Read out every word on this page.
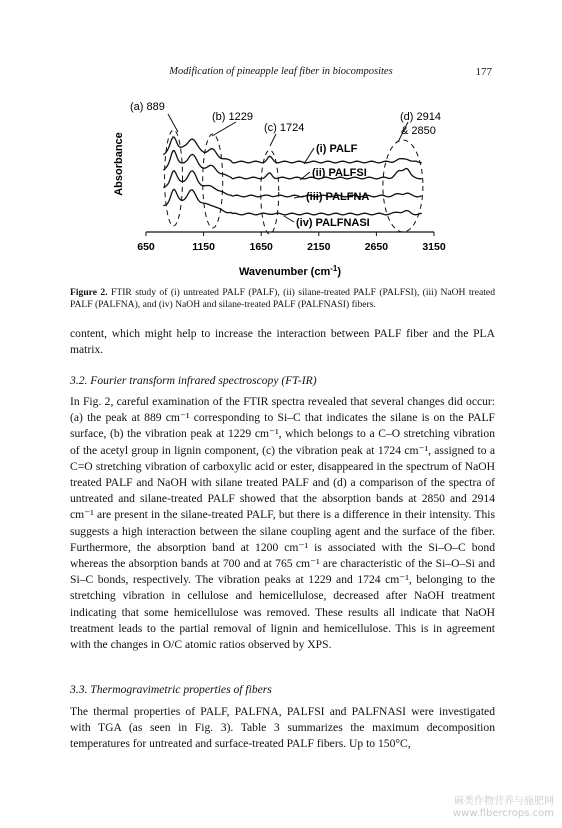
Modification of pineapple leaf fiber in biocomposites	177
650	1150	1650	2150	2650	3150
Absorbance
Wavenumber $(cm^{-1})$
(i) PALF
(ii) PALFSI
(iii) PALFNA
(iv) PALFNASI
(a) 889
(b) 1229
(c) 1724
(d) 2914
& 2850
Figure 2. FTIR study of (i) untreated PALF (PALF), (ii) silane-treated PALF (PALFSI), (iii) NaOH treated PALF (PALFNA), and (iv) NaOH and silane-treated PALF (PALFNASI) fibers.
content, which might help to increase the interaction between PALF fiber and the PLA matrix.
3.2. Fourier transform infrared spectroscopy (FT-IR)
In Fig. 2, careful examination of the FTIR spectra revealed that several changes did occur: (a) the peak at 889 cm⁻¹ corresponding to Si–C that indicates the silane is on the PALF surface, (b) the vibration peak at 1229 cm⁻¹, which belongs to a C–O stretching vibration of the acetyl group in lignin component, (c) the vibration peak at 1724 cm⁻¹, assigned to a C=O stretching vibration of carboxylic acid or ester, disappeared in the spectrum of NaOH treated PALF and NaOH with silane treated PALF and (d) a comparison of the spectra of untreated and silane-treated PALF showed that the absorption bands at 2850 and 2914 cm⁻¹ are present in the silane-treated PALF, but there is a difference in their intensity. This suggests a high interaction between the silane coupling agent and the surface of the fiber. Furthermore, the absorption band at 1200 cm⁻¹ is associated with the Si–O–C bond whereas the absorption bands at 700 and at 765 cm⁻¹ are characteristic of the Si–O–Si and Si–C bonds, respectively. The vibration peaks at 1229 and 1724 cm⁻¹, belonging to the stretching vibration in cellulose and hemicellulose, decreased after NaOH treatment indicating that some hemicellulose was removed. These results all indicate that NaOH treatment leads to the partial removal of lignin and hemicellulose. This is in agreement with the changes in O/C atomic ratios observed by XPS.
3.3. Thermogravimetric properties of fibers
The thermal properties of PALF, PALFNA, PALFSI and PALFNASI were investigated with TGA (as seen in Fig. 3). Table 3 summarizes the maximum decomposition temperatures for untreated and surface-treated PALF fibers. Up to 150°C,
麻类作物营养与施肥网
www.fibercrops.com
